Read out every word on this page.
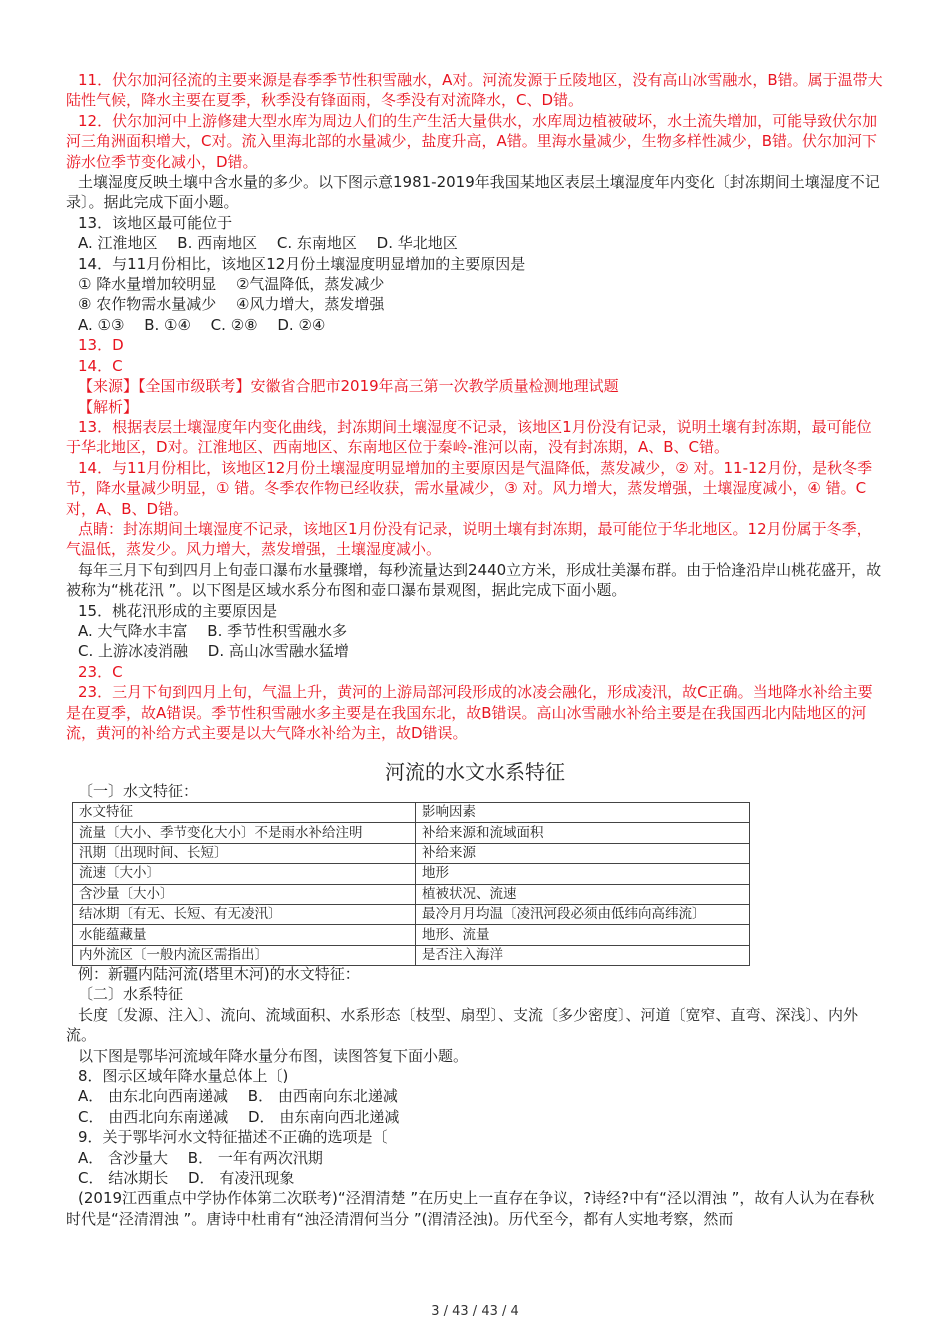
11．伏尔加河径流的主要来源是春季季节性积雪融水，A对。河流发源于丘陵地区，没有高山冰雪融水，B错。属于温带大陆性气候，降水主要在夏季，秋季没有锋面雨，冬季没有对流降水，C、D错。

12．伏尔加河中上游修建大型水库为周边人们的生产生活大量供水，水库周边植被破坏，水土流失增加，可能导致伏尔加河三角洲面积增大，C对。流入里海北部的水量减少，盐度升高，A错。里海水量减少，生物多样性减少，B错。伏尔加河下游水位季节变化减小，D错。

土壤湿度反映土壤中含水量的多少。以下图示意1981-2019年我国某地区表层土壤湿度年内变化〔封冻期间土壤湿度不记录〕。据此完成下面小题。

13．该地区最可能位于

A. 江淮地区　 B. 西南地区　 C. 东南地区　 D. 华北地区

14．与11月份相比，该地区12月份土壤湿度明显增加的主要原因是

① 降水量增加较明显　 ②气温降低，蒸发减少

⑧ 农作物需水量减少　 ④风力增大，蒸发增强

A. ①③　 B. ①④　 C. ②⑧　 D. ②④

13．D

14．C

【来源】【全国市级联考】安徽省合肥市2019年高三第一次教学质量检测地理试题

【解析】

13．根据表层土壤湿度年内变化曲线，封冻期间土壤湿度不记录，该地区1月份没有记录，说明土壤有封冻期，最可能位于华北地区，D对。江淮地区、西南地区、东南地区位于秦岭-淮河以南，没有封冻期，A、B、C错。

14．与11月份相比，该地区12月份土壤湿度明显增加的主要原因是气温降低，蒸发减少，② 对。11-12月份，是秋冬季节，降水量减少明显，① 错。冬季农作物已经收获，需水量减少，③ 对。风力增大，蒸发增强，土壤湿度减小，④ 错。C对，A、B、D错。

点睛：封冻期间土壤湿度不记录，该地区1月份没有记录，说明土壤有封冻期，最可能位于华北地区。12月份属于冬季，气温低，蒸发少。风力增大，蒸发增强，土壤湿度减小。

每年三月下旬到四月上旬壶口瀑布水量骤增，每秒流量达到2440立方米，形成壮美瀑布群。由于恰逢沿岸山桃花盛开，故被称为“桃花汛 ”。以下图是区域水系分布图和壶口瀑布景观图，据此完成下面小题。

15．桃花汛形成的主要原因是

A. 大气降水丰富　 B. 季节性积雪融水多

C. 上游冰凌消融　 D. 高山冰雪融水猛增

23．C

23．三月下旬到四月上旬，气温上升，黄河的上游局部河段形成的冰凌会融化，形成凌汛，故C正确。当地降水补给主要是在夏季，故A错误。季节性积雪融水多主要是在我国东北，故B错误。高山冰雪融水补给主要是在我国西北内陆地区的河流，黄河的补给方式主要是以大气降水补给为主，故D错误。

河流的水文水系特征

〔一〕水文特征：

水文特征	影响因素
流量〔大小、季节变化大小〕不是雨水补给注明	补给来源和流域面积
汛期〔出现时间、长短〕	补给来源
流速〔大小〕	地形
含沙量〔大小〕	植被状况、流速
结冰期〔有无、长短、有无凌汛〕	最冷月月均温〔凌汛河段必须由低纬向高纬流〕
水能蕴藏量	地形、流量
内外流区〔一般内流区需指出〕	是否注入海洋

例：新疆内陆河流(塔里木河)的水文特征：

〔二〕水系特征

长度〔发源、注入〕、流向、流域面积、水系形态〔枝型、扇型〕、支流〔多少密度〕、河道〔宽窄、直弯、深浅〕、内外流。

以下图是鄂毕河流域年降水量分布图，读图答复下面小题。

8．图示区域年降水量总体上〔)

A． 由东北向西南递减　 B． 由西南向东北递减

C． 由西北向东南递减　 D． 由东南向西北递减

9．关于鄂毕河水文特征描述不正确的选项是〔

A． 含沙量大　 B． 一年有两次汛期

C． 结冰期长　 D． 有凌汛现象

(2019江西重点中学协作体第二次联考)“泾渭清楚 ”在历史上一直存在争议，?诗经?中有“泾以渭浊 ”，故有人认为在春秋时代是“泾清渭浊 ”。唐诗中杜甫有“浊泾清渭何当分 ”(渭清泾浊)。历代至今，都有人实地考察，然而

3 / 43 / 43 / 4
